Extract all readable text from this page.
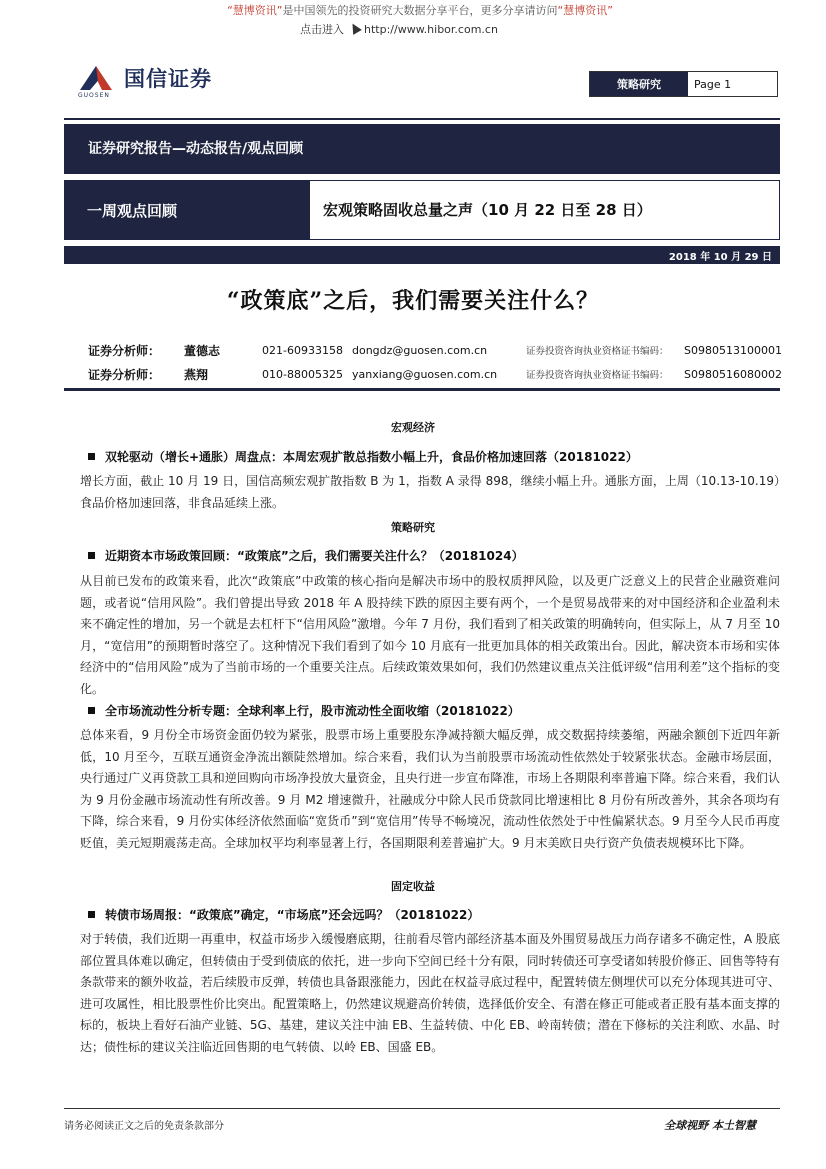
“慧博资讯”是中国领先的投资研究大数据分享平台，更多分享请访问“慧博资讯”
点击进入 http://www.hibor.com.cn
国信证券
GUOSEN
策略研究	Page 1
证券研究报告—动态报告/观点回顾
一周观点回顾	宏观策略固收总量之声（10 月 22 日至 28 日）
2018 年 10 月 29 日
“政策底”之后，我们需要关注什么？
证券分析师： 董德志	021-60933158 dongdz@guosen.com.cn	证券投资咨询执业资格证书编码： S0980513100001
证券分析师： 燕翔	010-88005325 yanxiang@guosen.com.cn	证券投资咨询执业资格证书编码： S0980516080002
宏观经济
双轮驱动（增长+通胀）周盘点：本周宏观扩散总指数小幅上升，食品价格加速回落（20181022）
增长方面，截止 10 月 19 日，国信高频宏观扩散指数 B 为 1，指数 A 录得 898，继续小幅上升。通胀方面，上周（10.13-10.19）食品价格加速回落，非食品延续上涨。
策略研究
近期资本市场政策回顾：“政策底”之后，我们需要关注什么？（20181024）
从目前已发布的政策来看，此次“政策底”中政策的核心指向是解决市场中的股权质押风险，以及更广泛意义上的民营企业融资难问题，或者说“信用风险”。我们曾提出导致 2018 年 A 股持续下跌的原因主要有两个，一个是贸易战带来的对中国经济和企业盈利未来不确定性的增加，另一个就是去杠杆下“信用风险”激增。今年 7 月份，我们看到了相关政策的明确转向，但实际上，从 7 月至 10 月，“宽信用”的预期暂时落空了。这种情况下我们看到了如今 10 月底有一批更加具体的相关政策出台。因此，解决资本市场和实体经济中的“信用风险”成为了当前市场的一个重要关注点。后续政策效果如何，我们仍然建议重点关注低评级“信用利差”这个指标的变化。
全市场流动性分析专题：全球利率上行，股市流动性全面收缩（20181022）
总体来看，9 月份全市场资金面仍较为紧张，股票市场上重要股东净减持额大幅反弹，成交数据持续萎缩，两融余额创下近四年新低，10 月至今，互联互通资金净流出额陡然增加。综合来看，我们认为当前股票市场流动性依然处于较紧张状态。金融市场层面，央行通过广义再贷款工具和逆回购向市场净投放大量资金，且央行进一步宣布降准，市场上各期限利率普遍下降。综合来看，我们认为 9 月份金融市场流动性有所改善。9 月 M2 增速微升，社融成分中除人民币贷款同比增速相比 8 月份有所改善外，其余各项均有下降，综合来看，9 月份实体经济依然面临“宽货币”到“宽信用”传导不畅境况，流动性依然处于中性偏紧状态。9 月至今人民币再度贬值，美元短期震荡走高。全球加权平均利率显著上行，各国期限利差普遍扩大。9 月末美欧日央行资产负债表规模环比下降。
固定收益
转债市场周报：“政策底”确定，“市场底”还会远吗？（20181022）
对于转债，我们近期一再重申，权益市场步入缓慢磨底期，往前看尽管内部经济基本面及外围贸易战压力尚存诸多不确定性，A 股底部位置具体难以确定，但转债由于受到债底的依托，进一步向下空间已经十分有限，同时转债还可享受诸如转股价修正、回售等特有条款带来的额外收益，若后续股市反弹，转债也具备跟涨能力，因此在权益寻底过程中，配置转债左侧埋伏可以充分体现其进可守、进可攻属性，相比股票性价比突出。配置策略上，仍然建议规避高价转债，选择低价安全、有潜在修正可能或者正股有基本面支撑的标的，板块上看好石油产业链、5G、基建，建议关注中油 EB、生益转债、中化 EB、岭南转债；潜在下修标的关注利欧、水晶、时达；债性标的建议关注临近回售期的电气转债、以岭 EB、国盛 EB。
请务必阅读正文之后的免责条款部分	全球视野 本土智慧
